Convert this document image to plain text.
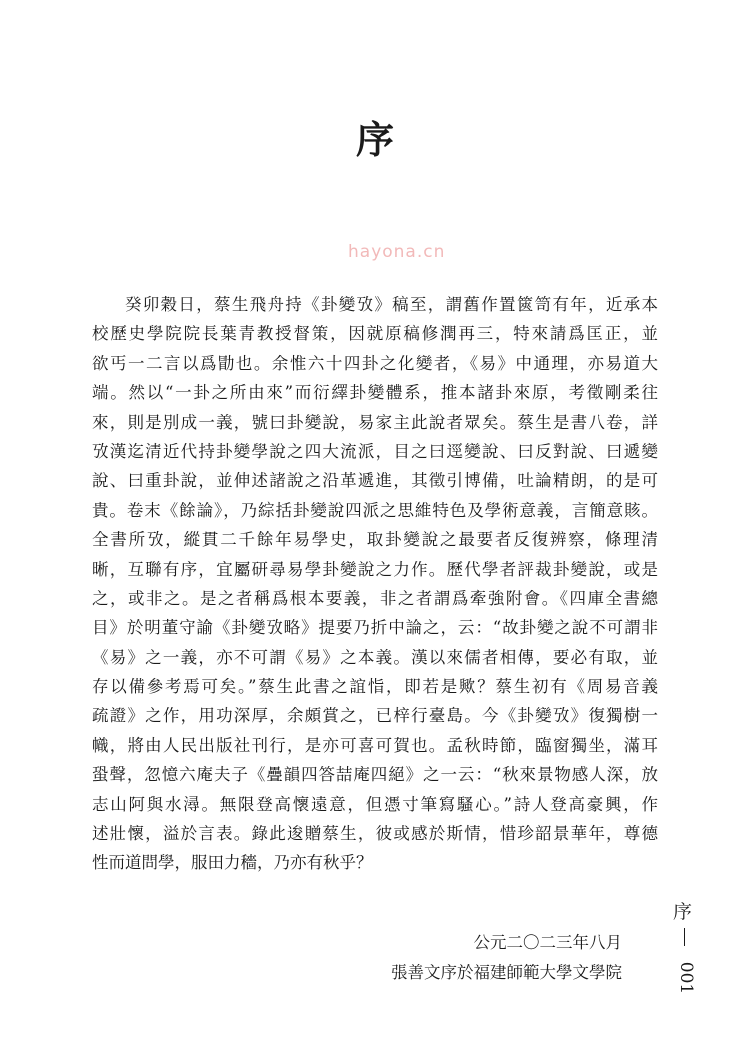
序
hayona.cn
癸卯穀日，蔡生飛舟持《卦變攷》稿至，謂舊作置篋笥有年，近承本
校歷史學院院長葉青教授督策，因就原稿修潤再三，特來請爲匡正，並
欲丐一二言以爲勖也。余惟六十四卦之化變者，《易》中通理，亦易道大
端。然以“一卦之所由來”而衍繹卦變體系，推本諸卦來原，考徵剛柔往
來，則是別成一義，號曰卦變說，易家主此說者眾矣。蔡生是書八卷，詳
攷漢迄清近代持卦變學說之四大流派，目之曰逕變說、曰反對說、曰遞變
說、曰重卦說，並伸述諸說之沿革遞進，其徵引博備，吐論精朗，的是可
貴。卷末《餘論》，乃綜括卦變說四派之思維特色及學術意義，言簡意賅。
全書所攷，縱貫二千餘年易學史，取卦變說之最要者反復辨察，條理清
晰，互聯有序，宜屬研尋易學卦變說之力作。歷代學者評裁卦變說，或是
之，或非之。是之者稱爲根本要義，非之者謂爲牽強附會。《四庫全書總
目》於明董守諭《卦變攷略》提要乃折中論之，云：“故卦變之說不可謂非
《易》之一義，亦不可謂《易》之本義。漢以來儒者相傳，要必有取，並
存以備參考焉可矣。”蔡生此書之誼恉，即若是歟？蔡生初有《周易音義
疏證》之作，用功深厚，余頗賞之，已梓行臺島。今《卦變攷》復獨樹一
幟，將由人民出版社刊行，是亦可喜可賀也。孟秋時節，臨窗獨坐，滿耳
蛩聲，忽憶六庵夫子《疊韻四答喆庵四絕》之一云：“秋來景物感人深，放
志山阿與水潯。無限登高懷遠意，但憑寸筆寫騷心。”詩人登高豪興，作
述壯懷，溢於言表。錄此逡贈蔡生，彼或感於斯情，惜珍韶景華年，尊德
性而道問學，服田力穡，乃亦有秋乎？
公元二〇二三年八月
張善文序於福建師範大學文學院
序
001
